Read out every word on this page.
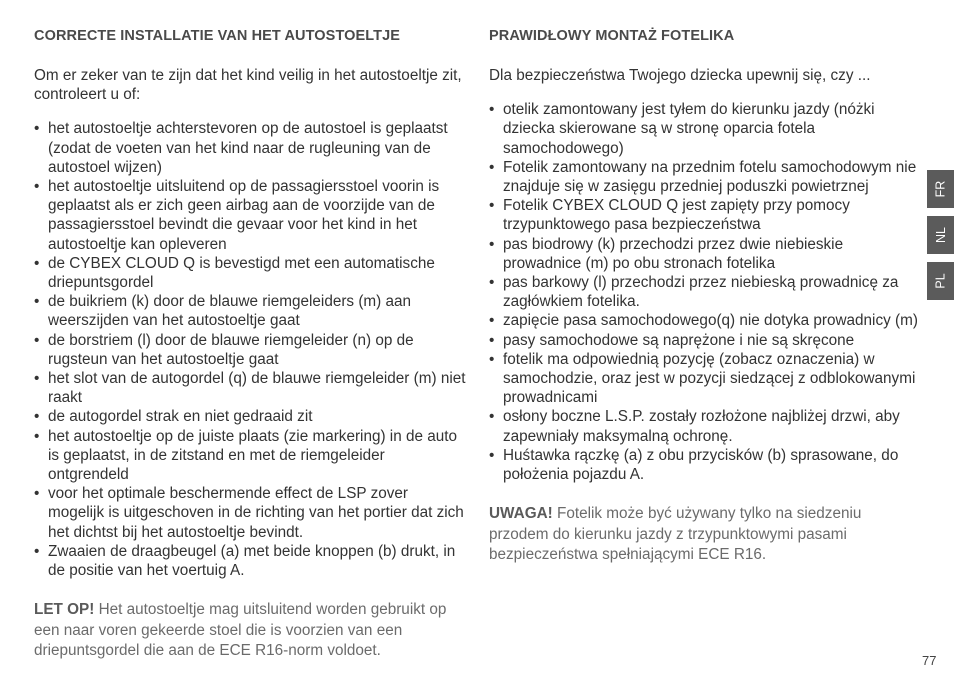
CORRECTE INSTALLATIE VAN HET AUTOSTOELTJE
Om er zeker van te zijn dat het kind veilig in het autostoeltje zit, controleert u of:
• het autostoeltje achterstevoren op de autostoel is geplaatst (zodat de voeten van het kind naar de rugleuning van de autostoel wijzen)
• het autostoeltje uitsluitend op de passagiersstoel voorin is geplaatst als er zich geen airbag aan de voorzijde van de passagiersstoel bevindt die gevaar voor het kind in het autostoeltje kan opleveren
• de CYBEX CLOUD Q is bevestigd met een automatische driepuntsgordel
• de buikriem (k) door de blauwe riemgeleiders (m) aan weerszijden van het autostoeltje gaat
• de borstriem (l) door de blauwe riemgeleider (n) op de rugsteun van het autostoeltje gaat
• het slot van de autogordel (q) de blauwe riemgeleider (m) niet raakt
• de autogordel strak en niet gedraaid zit
• het autostoeltje op de juiste plaats (zie markering) in de auto is geplaatst, in de zitstand en met de riemgeleider ontgrendeld
• voor het optimale beschermende effect de LSP zover mogelijk is uitgeschoven in de richting van het portier dat zich het dichtst bij het autostoeltje bevindt.
• Zwaaien de draagbeugel (a) met beide knoppen (b) drukt, in de positie van het voertuig A.
LET OP! Het autostoeltje mag uitsluitend worden gebruikt op een naar voren gekeerde stoel die is voorzien van een driepuntsgordel die aan de ECE R16-norm voldoet.
PRAWIDŁOWY MONTAŻ FOTELIKA
Dla bezpieczeństwa Twojego dziecka upewnij się, czy ...
• otelik zamontowany jest tyłem do kierunku jazdy (nóżki dziecka skierowane są w stronę oparcia fotela samochodowego)
• Fotelik zamontowany na przednim fotelu samochodowym nie znajduje się w zasięgu przedniej poduszki powietrznej
• Fotelik CYBEX CLOUD Q jest zapięty przy pomocy trzypunktowego pasa bezpieczeństwa
• pas biodrowy (k) przechodzi przez dwie niebieskie prowadnice (m) po obu stronach fotelika
• pas barkowy (l) przechodzi przez niebieską prowadnicę za zagłówkiem fotelika.
• zapięcie pasa samochodowego(q) nie dotyka prowadnicy (m)
• pasy samochodowe są naprężone i nie są skręcone
• fotelik ma odpowiednią pozycję (zobacz oznaczenia) w samochodzie, oraz jest w pozycji siedzącej z odblokowanymi prowadnicami
• osłony boczne L.S.P. zostały rozłożone najbliżej drzwi, aby zapewniały maksymalną ochronę.
• Huśtawka rączkę (a) z obu przycisków (b) sprasowane, do położenia pojazdu A.
UWAGA! Fotelik może być używany tylko na siedzeniu przodem do kierunku jazdy z trzypunktowymi pasami bezpieczeństwa spełniającymi ECE R16.
FR
NL
PL
77
